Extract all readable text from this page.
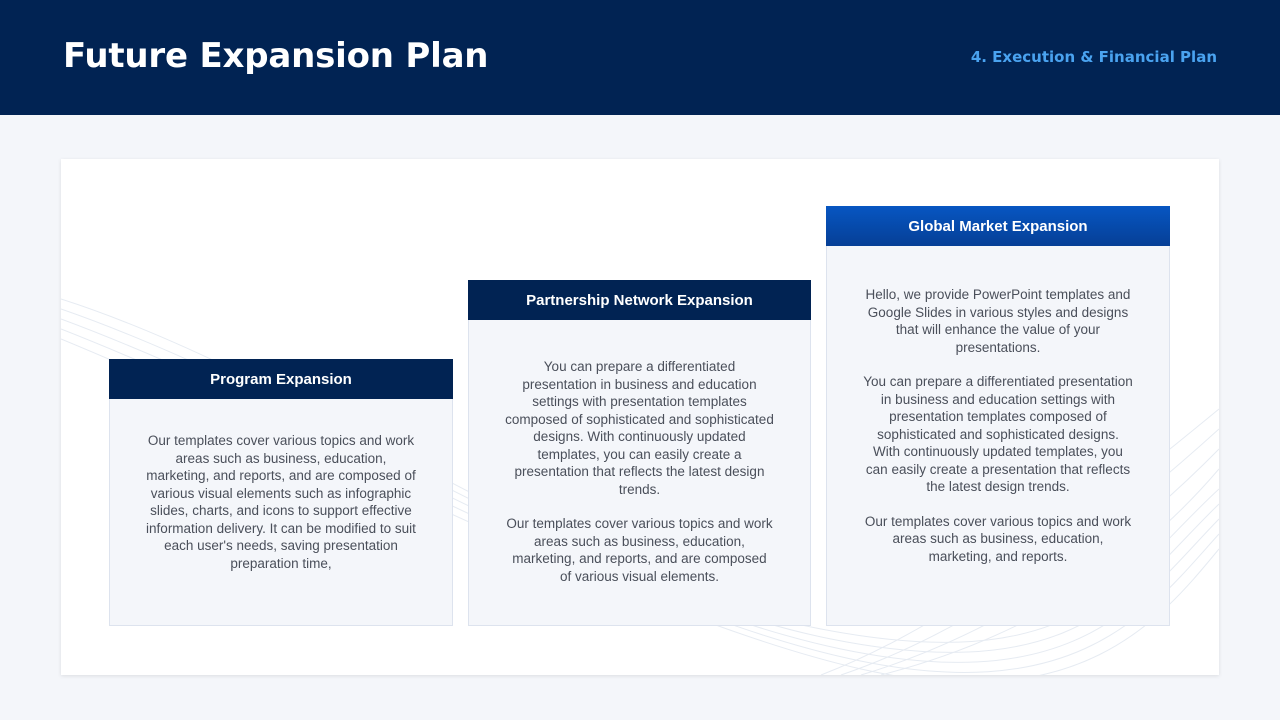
Future Expansion Plan	4. Execution & Financial Plan
Program Expansion

Our templates cover various topics and work areas such as business, education, marketing, and reports, and are composed of various visual elements such as infographic slides, charts, and icons to support effective information delivery. It can be modified to suit each user's needs, saving presentation preparation time,

Partnership Network Expansion

You can prepare a differentiated presentation in business and education settings with presentation templates composed of sophisticated and sophisticated designs. With continuously updated templates, you can easily create a presentation that reflects the latest design trends.

Our templates cover various topics and work areas such as business, education, marketing, and reports, and are composed of various visual elements.

Global Market Expansion

Hello, we provide PowerPoint templates and Google Slides in various styles and designs that will enhance the value of your presentations.

You can prepare a differentiated presentation in business and education settings with presentation templates composed of sophisticated and sophisticated designs. With continuously updated templates, you can easily create a presentation that reflects the latest design trends.

Our templates cover various topics and work areas such as business, education, marketing, and reports.
